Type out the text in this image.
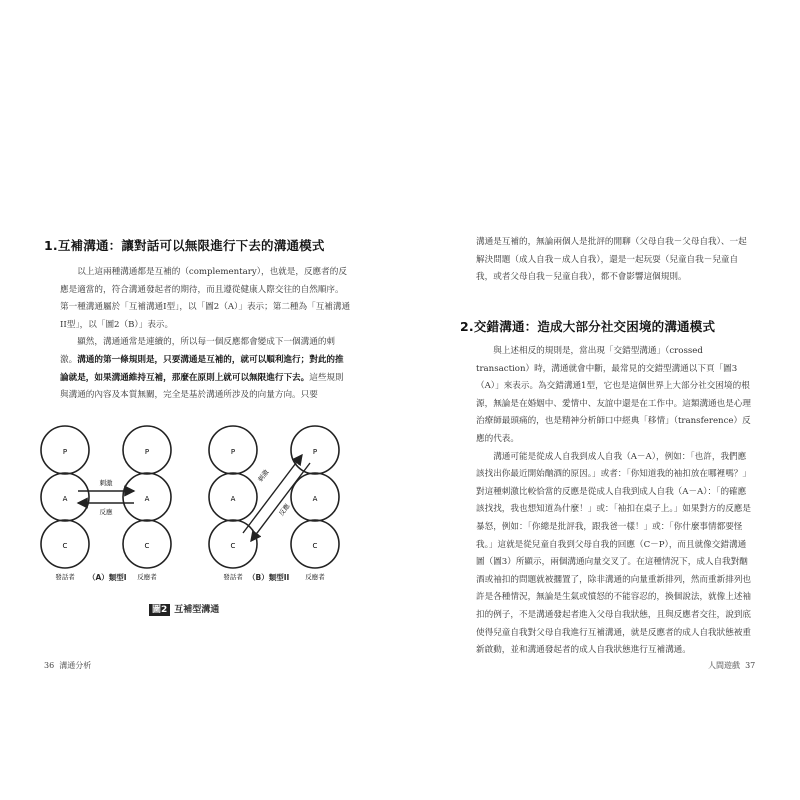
1.互補溝通：讓對話可以無限進行下去的溝通模式

以上這兩種溝通都是互補的（complementary），也就是，反應者的反應是適當的，符合溝通發起者的期待，而且遵從健康人際交往的自然順序。第一種溝通屬於「互補溝通I型」，以「圖2（A）」表示；第二種為「互補溝通II型」，以「圖2（B）」表示。

顯然，溝通通常是連續的，所以每一個反應都會變成下一個溝通的刺激。溝通的第一條規則是，只要溝通是互補的，就可以順利進行；對此的推論就是，如果溝通維持互補，那麼在原則上就可以無限進行下去。這些規則與溝通的內容及本質無關，完全是基於溝通所涉及的向量方向。只要

P
A
C
P
A
C
刺激
反應
發話者	反應者
P
A
C
P
A
C
刺激
反應
發話者	反應者
（A）類型I	（B）類型II
圖2 互補型溝通
36 溝通分析
溝通是互補的，無論兩個人是批評的閒聊（父母自我－父母自我）、一起解決問題（成人自我－成人自我），還是一起玩耍（兒童自我－兒童自我，或者父母自我－兒童自我），都不會影響這個規則。
2.交錯溝通：造成大部分社交困境的溝通模式

與上述相反的規則是，當出現「交錯型溝通」（crossed transaction）時，溝通就會中斷，最常見的交錯型溝通以下頁「圖3（A）」來表示。為交錯溝通1型，它也是這個世界上大部分社交困境的根源，無論是在婚姻中、愛情中、友誼中還是在工作中。這類溝通也是心理治療師最頭痛的，也是精神分析師口中經典「移情」（transference）反應的代表。

溝通可能是從成人自我到成人自我（A－A），例如：「也許，我們應該找出你最近開始酗酒的原因。」或者：「你知道我的袖扣放在哪裡嗎？」對這種刺激比較恰當的反應是從成人自我到成人自我（A－A）：「的確應該找找，我也想知道為什麼！」或：「袖扣在桌子上。」如果對方的反應是暴怒，例如：「你總是批評我，跟我爸一樣！」或：「你什麼事情都要怪我。」這就是從兒童自我到父母自我的回應（C－P），而且就像交錯溝通圖（圖3）所顯示，兩個溝通向量交叉了。在這種情況下，成人自我對酗酒或袖扣的問題就被擱置了，除非溝通的向量重新排列，然而重新排列也許是各種情況，無論是生氣或憤怒的不能容忍的，換個說法，就像上述袖扣的例子，不是溝通發起者進入父母自我狀態，且與反應者交往，說到底使得兒童自我對父母自我進行互補溝通，就是反應者的成人自我狀態被重新啟動，並和溝通發起者的成人自我狀態進行互補溝通。

人間遊戲 37
